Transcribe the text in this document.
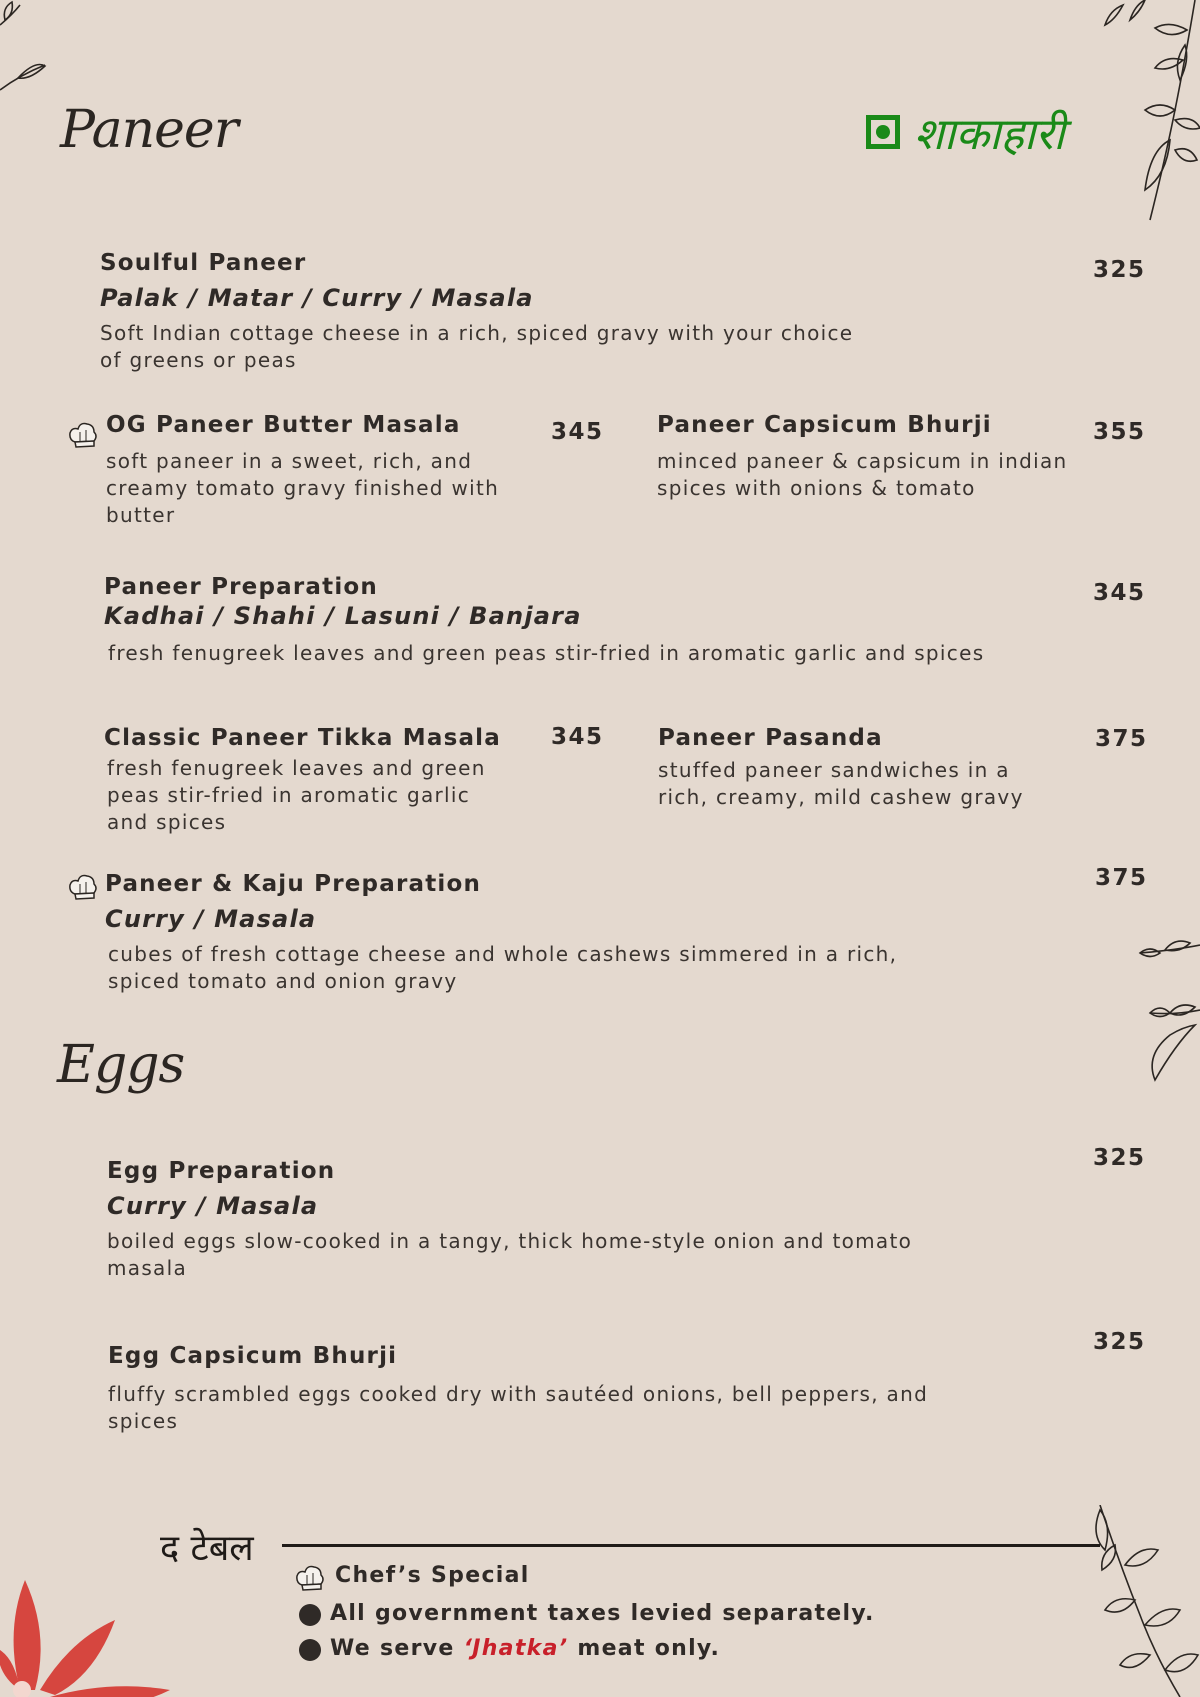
Paneer	शाकाहारी
Soulful Paneer
Palak / Matar / Curry / Masala
Soft Indian cottage cheese in a rich, spiced gravy with your choice
of greens or peas
325
OG Paneer Butter Masala
soft paneer in a sweet, rich, and
creamy tomato gravy finished with
butter
345 Paneer Capsicum Bhurji
minced paneer & capsicum in indian
spices with onions & tomato
355
Paneer Preparation
Kadhai / Shahi / Lasuni / Banjara
fresh fenugreek leaves and green peas stir-fried in aromatic garlic and spices
345
Classic Paneer Tikka Masala
fresh fenugreek leaves and green
peas stir-fried in aromatic garlic
and spices
345 Paneer Pasanda
stuffed paneer sandwiches in a
rich, creamy, mild cashew gravy
375
Paneer & Kaju Preparation
Curry / Masala
cubes of fresh cottage cheese and whole cashews simmered in a rich,
spiced tomato and onion gravy
375
Eggs
Egg Preparation
Curry / Masala
boiled eggs slow-cooked in a tangy, thick home-style onion and tomato
masala
325
Egg Capsicum Bhurji
fluffy scrambled eggs cooked dry with sautéed onions, bell peppers, and
spices
325
द टेबल
Chef’s Special
All government taxes levied separately.
We serve ‘Jhatka’ meat only.
